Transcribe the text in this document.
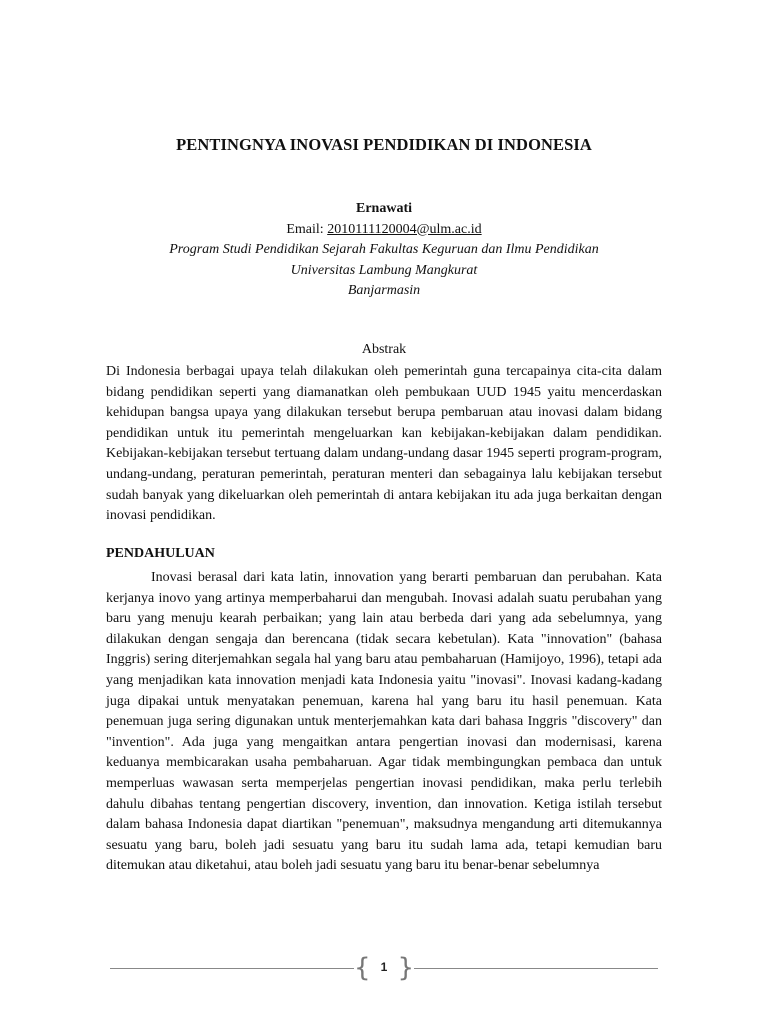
PENTINGNYA INOVASI PENDIDIKAN DI INDONESIA
Ernawati
Email: 2010111120004@ulm.ac.id
Program Studi Pendidikan Sejarah Fakultas Keguruan dan Ilmu Pendidikan
Universitas Lambung Mangkurat
Banjarmasin
Abstrak
Di Indonesia berbagai upaya telah dilakukan oleh pemerintah guna tercapainya cita-cita dalam bidang pendidikan seperti yang diamanatkan oleh pembukaan UUD 1945 yaitu mencerdaskan kehidupan bangsa upaya yang dilakukan tersebut berupa pembaruan atau inovasi dalam bidang pendidikan untuk itu pemerintah mengeluarkan kan kebijakan-kebijakan dalam pendidikan. Kebijakan-kebijakan tersebut tertuang dalam undang-undang dasar 1945 seperti program-program, undang-undang, peraturan pemerintah, peraturan menteri dan sebagainya lalu kebijakan tersebut sudah banyak yang dikeluarkan oleh pemerintah di antara kebijakan itu ada juga berkaitan dengan inovasi pendidikan.
PENDAHULUAN

Inovasi berasal dari kata latin, innovation yang berarti pembaruan dan perubahan. Kata kerjanya inovo yang artinya memperbaharui dan mengubah. Inovasi adalah suatu perubahan yang baru yang menuju kearah perbaikan; yang lain atau berbeda dari yang ada sebelumnya, yang dilakukan dengan sengaja dan berencana (tidak secara kebetulan). Kata "innovation" (bahasa Inggris) sering diterjemahkan segala hal yang baru atau pembaharuan (Hamijoyo, 1996), tetapi ada yang menjadikan kata innovation menjadi kata Indonesia yaitu "inovasi". Inovasi kadang-kadang juga dipakai untuk menyatakan penemuan, karena hal yang baru itu hasil penemuan. Kata penemuan juga sering digunakan untuk menterjemahkan kata dari bahasa Inggris "discovery" dan "invention". Ada juga yang mengaitkan antara pengertian inovasi dan modernisasi, karena keduanya membicarakan usaha pembaharuan. Agar tidak membingungkan pembaca dan untuk memperluas wawasan serta memperjelas pengertian inovasi pendidikan, maka perlu terlebih dahulu dibahas tentang pengertian discovery, invention, dan innovation. Ketiga istilah tersebut dalam bahasa Indonesia dapat diartikan "penemuan", maksudnya mengandung arti ditemukannya sesuatu yang baru, boleh jadi sesuatu yang baru itu sudah lama ada, tetapi kemudian baru ditemukan atau diketahui, atau boleh jadi sesuatu yang baru itu benar-benar sebelumnya

{ 1 }
